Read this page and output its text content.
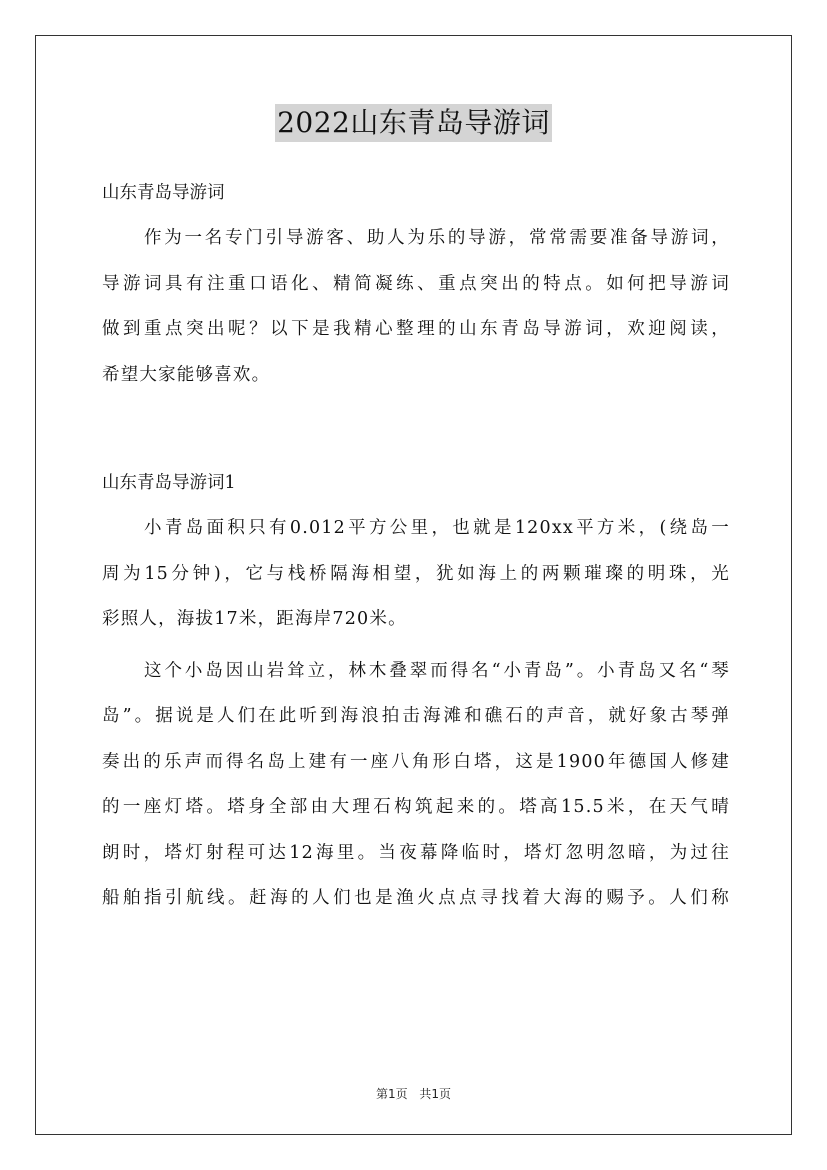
2022山东青岛导游词

山东青岛导游词

作为一名专门引导游客、助人为乐的导游，常常需要准备导游词，
导游词具有注重口语化、精简凝练、重点突出的特点。如何把导游词
做到重点突出呢？以下是我精心整理的山东青岛导游词，欢迎阅读，
希望大家能够喜欢。

山东青岛导游词1

小青岛面积只有0.012平方公里，也就是120xx平方米，(绕岛一
周为15分钟)，它与栈桥隔海相望，犹如海上的两颗璀璨的明珠，光
彩照人，海拔17米，距海岸720米。

这个小岛因山岩耸立，林木叠翠而得名“小青岛”。小青岛又名“琴
岛”。据说是人们在此听到海浪拍击海滩和礁石的声音，就好象古琴弹
奏出的乐声而得名岛上建有一座八角形白塔，这是1900年德国人修建
的一座灯塔。塔身全部由大理石构筑起来的。塔高15.5米，在天气晴
朗时，塔灯射程可达12海里。当夜幕降临时，塔灯忽明忽暗，为过往
船舶指引航线。赶海的人们也是渔火点点寻找着大海的赐予。人们称

第1页 共1页
